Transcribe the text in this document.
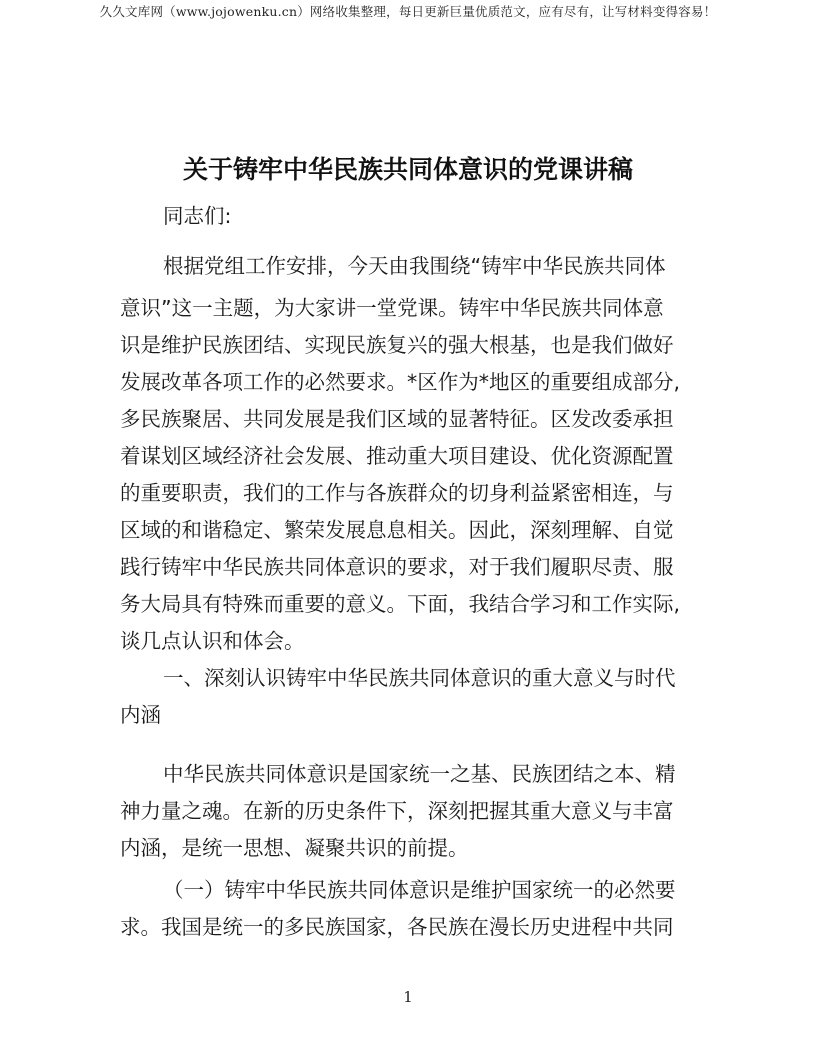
久久文库网（www.jojowenku.cn）网络收集整理，每日更新巨量优质范文，应有尽有，让写材料变得容易！
关于铸牢中华民族共同体意识的党课讲稿
同志们:
根据党组工作安排，今天由我围绕“铸牢中华民族共同体
意识”这一主题，为大家讲一堂党课。铸牢中华民族共同体意
识是维护民族团结、实现民族复兴的强大根基，也是我们做好
发展改革各项工作的必然要求。*区作为*地区的重要组成部分,
多民族聚居、共同发展是我们区域的显著特征。区发改委承担
着谋划区域经济社会发展、推动重大项目建设、优化资源配置
的重要职责，我们的工作与各族群众的切身利益紧密相连，与
区域的和谐稳定、繁荣发展息息相关。因此，深刻理解、自觉
践行铸牢中华民族共同体意识的要求，对于我们履职尽责、服
务大局具有特殊而重要的意义。下面，我结合学习和工作实际,
谈几点认识和体会。
一、深刻认识铸牢中华民族共同体意识的重大意义与时代
内涵
中华民族共同体意识是国家统一之基、民族团结之本、精
神力量之魂。在新的历史条件下，深刻把握其重大意义与丰富
内涵，是统一思想、凝聚共识的前提。
（一）铸牢中华民族共同体意识是维护国家统一的必然要
求。我国是统一的多民族国家，各民族在漫长历史进程中共同
1
